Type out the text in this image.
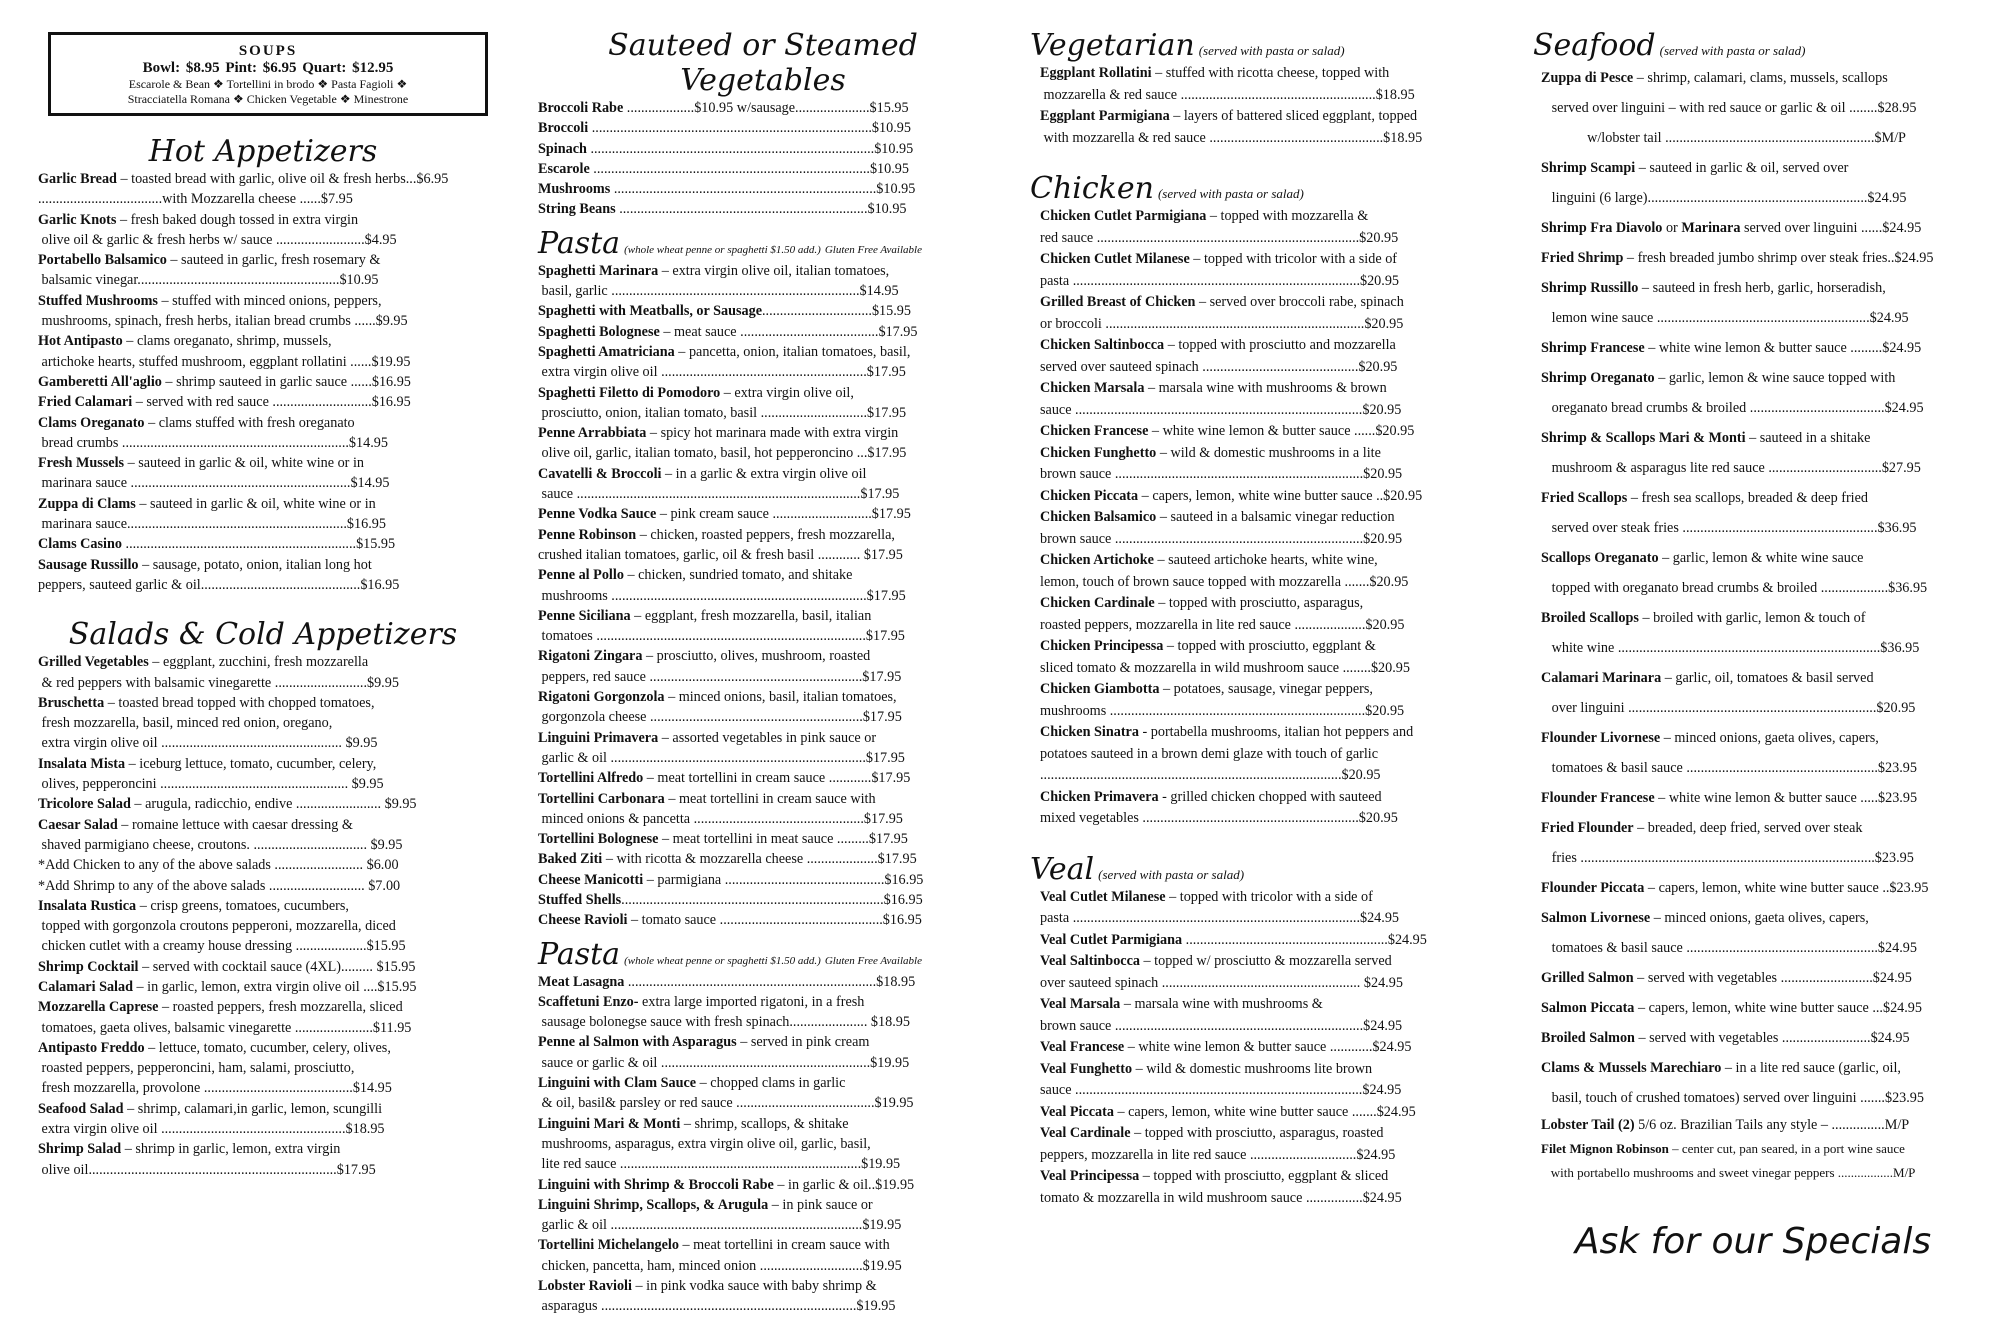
SOUPS
Bowl: $8.95 Pint: $6.95 Quart: $12.95
Escarole & Bean ❖ Tortellini in brodo ❖ Pasta Fagioli ❖
Stracciatella Romana ❖ Chicken Vegetable ❖ Minestrone
Hot Appetizers
Garlic Bread – toasted bread with garlic, olive oil & fresh herbs...$6.95
...................................with Mozzarella cheese ......$7.95
Garlic Knots – fresh baked dough tossed in extra virgin
olive oil & garlic & fresh herbs w/ sauce .........................$4.95
Portabello Balsamico – sauteed in garlic, fresh rosemary &
balsamic vinegar.........................................................$10.95
Stuffed Mushrooms – stuffed with minced onions, peppers,
mushrooms, spinach, fresh herbs, italian bread crumbs ......$9.95
Hot Antipasto – clams oreganato, shrimp, mussels,
artichoke hearts, stuffed mushroom, eggplant rollatini ......$19.95
Gamberetti All'aglio – shrimp sauteed in garlic sauce ......$16.95
Fried Calamari – served with red sauce ............................$16.95
Clams Oreganato – clams stuffed with fresh oreganato
bread crumbs ................................................................$14.95
Fresh Mussels – sauteed in garlic & oil, white wine or in
marinara sauce ..............................................................$14.95
Zuppa di Clams – sauteed in garlic & oil, white wine or in
marinara sauce..............................................................$16.95
Clams Casino .................................................................$15.95
Sausage Russillo – sausage, potato, onion, italian long hot
peppers, sauteed garlic & oil.............................................$16.95
Salads & Cold Appetizers
Grilled Vegetables – eggplant, zucchini, fresh mozzarella
& red peppers with balsamic vinegarette ..........................$9.95
Bruschetta – toasted bread topped with chopped tomatoes,
fresh mozzarella, basil, minced red onion, oregano,
extra virgin olive oil ................................................... $9.95
Insalata Mista – iceburg lettuce, tomato, cucumber, celery,
olives, pepperoncini ..................................................... $9.95
Tricolore Salad – arugula, radicchio, endive ........................ $9.95
Caesar Salad – romaine lettuce with caesar dressing &
shaved parmigiano cheese, croutons. ................................ $9.95
*Add Chicken to any of the above salads ......................... $6.00
*Add Shrimp to any of the above salads ........................... $7.00
Insalata Rustica – crisp greens, tomatoes, cucumbers,
topped with gorgonzola croutons pepperoni, mozzarella, diced
chicken cutlet with a creamy house dressing ....................$15.95
Shrimp Cocktail – served with cocktail sauce (4XL)......... $15.95
Calamari Salad – in garlic, lemon, extra virgin olive oil ....$15.95
Mozzarella Caprese – roasted peppers, fresh mozzarella, sliced
tomatoes, gaeta olives, balsamic vinegarette ......................$11.95
Antipasto Freddo – lettuce, tomato, cucumber, celery, olives,
roasted peppers, pepperoncini, ham, salami, prosciutto,
fresh mozzarella, provolone ..........................................$14.95
Seafood Salad – shrimp, calamari,in garlic, lemon, scungilli
extra virgin olive oil ....................................................$18.95
Shrimp Salad – shrimp in garlic, lemon, extra virgin
olive oil......................................................................$17.95
Sauteed or Steamed Vegetables
Broccoli Rabe ...................$10.95 w/sausage.....................$15.95
Broccoli ...............................................................................$10.95
Spinach ................................................................................$10.95
Escarole ..............................................................................$10.95
Mushrooms ..........................................................................$10.95
String Beans ......................................................................$10.95
Pasta (whole wheat penne or spaghetti $1.50 add.) Gluten Free Available
Spaghetti Marinara – extra virgin olive oil, italian tomatoes,
basil, garlic ......................................................................$14.95
Spaghetti with Meatballs, or Sausage...............................$15.95
Spaghetti Bolognese – meat sauce .......................................$17.95
Spaghetti Amatriciana – pancetta, onion, italian tomatoes, basil,
extra virgin olive oil ..........................................................$17.95
Spaghetti Filetto di Pomodoro – extra virgin olive oil,
prosciutto, onion, italian tomato, basil ..............................$17.95
Penne Arrabbiata – spicy hot marinara made with extra virgin
olive oil, garlic, italian tomato, basil, hot pepperoncino ...$17.95
Cavatelli & Broccoli – in a garlic & extra virgin olive oil
sauce ................................................................................$17.95
Penne Vodka Sauce – pink cream sauce ............................$17.95
Penne Robinson – chicken, roasted peppers, fresh mozzarella,
crushed italian tomatoes, garlic, oil & fresh basil ............ $17.95
Penne al Pollo – chicken, sundried tomato, and shitake
mushrooms ........................................................................$17.95
Penne Siciliana – eggplant, fresh mozzarella, basil, italian
tomatoes ............................................................................$17.95
Rigatoni Zingara – prosciutto, olives, mushroom, roasted
peppers, red sauce ............................................................$17.95
Rigatoni Gorgonzola – minced onions, basil, italian tomatoes,
gorgonzola cheese ............................................................$17.95
Linguini Primavera – assorted vegetables in pink sauce or
garlic & oil ........................................................................$17.95
Tortellini Alfredo – meat tortellini in cream sauce ............$17.95
Tortellini Carbonara – meat tortellini in cream sauce with
minced onions & pancetta ................................................$17.95
Tortellini Bolognese – meat tortellini in meat sauce .........$17.95
Baked Ziti – with ricotta & mozzarella cheese ....................$17.95
Cheese Manicotti – parmigiana .............................................$16.95
Stuffed Shells..........................................................................$16.95
Cheese Ravioli – tomato sauce ..............................................$16.95
Pasta (whole wheat penne or spaghetti $1.50 add.) Gluten Free Available
Meat Lasagna ......................................................................$18.95
Scaffetuni Enzo- extra large imported rigatoni, in a fresh
sausage bolonegse sauce with fresh spinach...................... $18.95
Penne al Salmon with Asparagus – served in pink cream
sauce or garlic & oil ...........................................................$19.95
Linguini with Clam Sauce – chopped clams in garlic
& oil, basil& parsley or red sauce .......................................$19.95
Linguini Mari & Monti – shrimp, scallops, & shitake
mushrooms, asparagus, extra virgin olive oil, garlic, basil,
lite red sauce ....................................................................$19.95
Linguini with Shrimp & Broccoli Rabe – in garlic & oil..$19.95
Linguini Shrimp, Scallops, & Arugula – in pink sauce or
garlic & oil .......................................................................$19.95
Tortellini Michelangelo – meat tortellini in cream sauce with
chicken, pancetta, ham, minced onion .............................$19.95
Lobster Ravioli – in pink vodka sauce with baby shrimp &
asparagus ........................................................................$19.95
Vegetarian (served with pasta or salad)
Eggplant Rollatini – stuffed with ricotta cheese, topped with
mozzarella & red sauce .......................................................$18.95
Eggplant Parmigiana – layers of battered sliced eggplant, topped
with mozzarella & red sauce .................................................$18.95
Chicken (served with pasta or salad)
Chicken Cutlet Parmigiana – topped with mozzarella &
red sauce ..........................................................................$20.95
Chicken Cutlet Milanese – topped with tricolor with a side of
pasta .................................................................................$20.95
Grilled Breast of Chicken – served over broccoli rabe, spinach
or broccoli .........................................................................$20.95
Chicken Saltinbocca – topped with prosciutto and mozzarella
served over sauteed spinach ............................................$20.95
Chicken Marsala – marsala wine with mushrooms & brown
sauce .................................................................................$20.95
Chicken Francese – white wine lemon & butter sauce ......$20.95
Chicken Funghetto – wild & domestic mushrooms in a lite
brown sauce ......................................................................$20.95
Chicken Piccata – capers, lemon, white wine butter sauce ..$20.95
Chicken Balsamico – sauteed in a balsamic vinegar reduction
brown sauce ......................................................................$20.95
Chicken Artichoke – sauteed artichoke hearts, white wine,
lemon, touch of brown sauce topped with mozzarella .......$20.95
Chicken Cardinale – topped with prosciutto, asparagus,
roasted peppers, mozzarella in lite red sauce ....................$20.95
Chicken Principessa – topped with prosciutto, eggplant &
sliced tomato & mozzarella in wild mushroom sauce ........$20.95
Chicken Giambotta – potatoes, sausage, vinegar peppers,
mushrooms ........................................................................$20.95
Chicken Sinatra - portabella mushrooms, italian hot peppers and
potatoes sauteed in a brown demi glaze with touch of garlic
.....................................................................................$20.95
Chicken Primavera - grilled chicken chopped with sauteed
mixed vegetables .............................................................$20.95
Veal (served with pasta or salad)
Veal Cutlet Milanese – topped with tricolor with a side of
pasta .................................................................................$24.95
Veal Cutlet Parmigiana .........................................................$24.95
Veal Saltinbocca – topped w/ prosciutto & mozzarella served
over sauteed spinach ........................................................ $24.95
Veal Marsala – marsala wine with mushrooms &
brown sauce ......................................................................$24.95
Veal Francese – white wine lemon & butter sauce ............$24.95
Veal Funghetto – wild & domestic mushrooms lite brown
sauce .................................................................................$24.95
Veal Piccata – capers, lemon, white wine butter sauce .......$24.95
Veal Cardinale – topped with prosciutto, asparagus, roasted
peppers, mozzarella in lite red sauce ..............................$24.95
Veal Principessa – topped with prosciutto, eggplant & sliced
tomato & mozzarella in wild mushroom sauce ................$24.95
Seafood (served with pasta or salad)
Zuppa di Pesce – shrimp, calamari, clams, mussels, scallops
served over linguini – with red sauce or garlic & oil ........$28.95
w/lobster tail ...........................................................$M/P
Shrimp Scampi – sauteed in garlic & oil, served over
linguini (6 large)..............................................................$24.95
Shrimp Fra Diavolo or Marinara served over linguini ......$24.95
Fried Shrimp – fresh breaded jumbo shrimp over steak fries..$24.95
Shrimp Russillo – sauteed in fresh herb, garlic, horseradish,
lemon wine sauce ............................................................$24.95
Shrimp Francese – white wine lemon & butter sauce .........$24.95
Shrimp Oreganato – garlic, lemon & wine sauce topped with
oreganato bread crumbs & broiled ......................................$24.95
Shrimp & Scallops Mari & Monti – sauteed in a shitake
mushroom & asparagus lite red sauce ................................$27.95
Fried Scallops – fresh sea scallops, breaded & deep fried
served over steak fries .......................................................$36.95
Scallops Oreganato – garlic, lemon & white wine sauce
topped with oreganato bread crumbs & broiled ...................$36.95
Broiled Scallops – broiled with garlic, lemon & touch of
white wine ..........................................................................$36.95
Calamari Marinara – garlic, oil, tomatoes & basil served
over linguini ......................................................................$20.95
Flounder Livornese – minced onions, gaeta olives, capers,
tomatoes & basil sauce ......................................................$23.95
Flounder Francese – white wine lemon & butter sauce .....$23.95
Fried Flounder – breaded, deep fried, served over steak
fries ...................................................................................$23.95
Flounder Piccata – capers, lemon, white wine butter sauce ..$23.95
Salmon Livornese – minced onions, gaeta olives, capers,
tomatoes & basil sauce ......................................................$24.95
Grilled Salmon – served with vegetables ..........................$24.95
Salmon Piccata – capers, lemon, white wine butter sauce ...$24.95
Broiled Salmon – served with vegetables .........................$24.95
Clams & Mussels Marechiaro – in a lite red sauce (garlic, oil,
basil, touch of crushed tomatoes) served over linguini .......$23.95
Lobster Tail (2) 5/6 oz. Brazilian Tails any style – ...............M/P
Filet Mignon Robinson – center cut, pan seared, in a port wine sauce
with portabello mushrooms and sweet vinegar peppers .................M/P
Ask for our Specials
